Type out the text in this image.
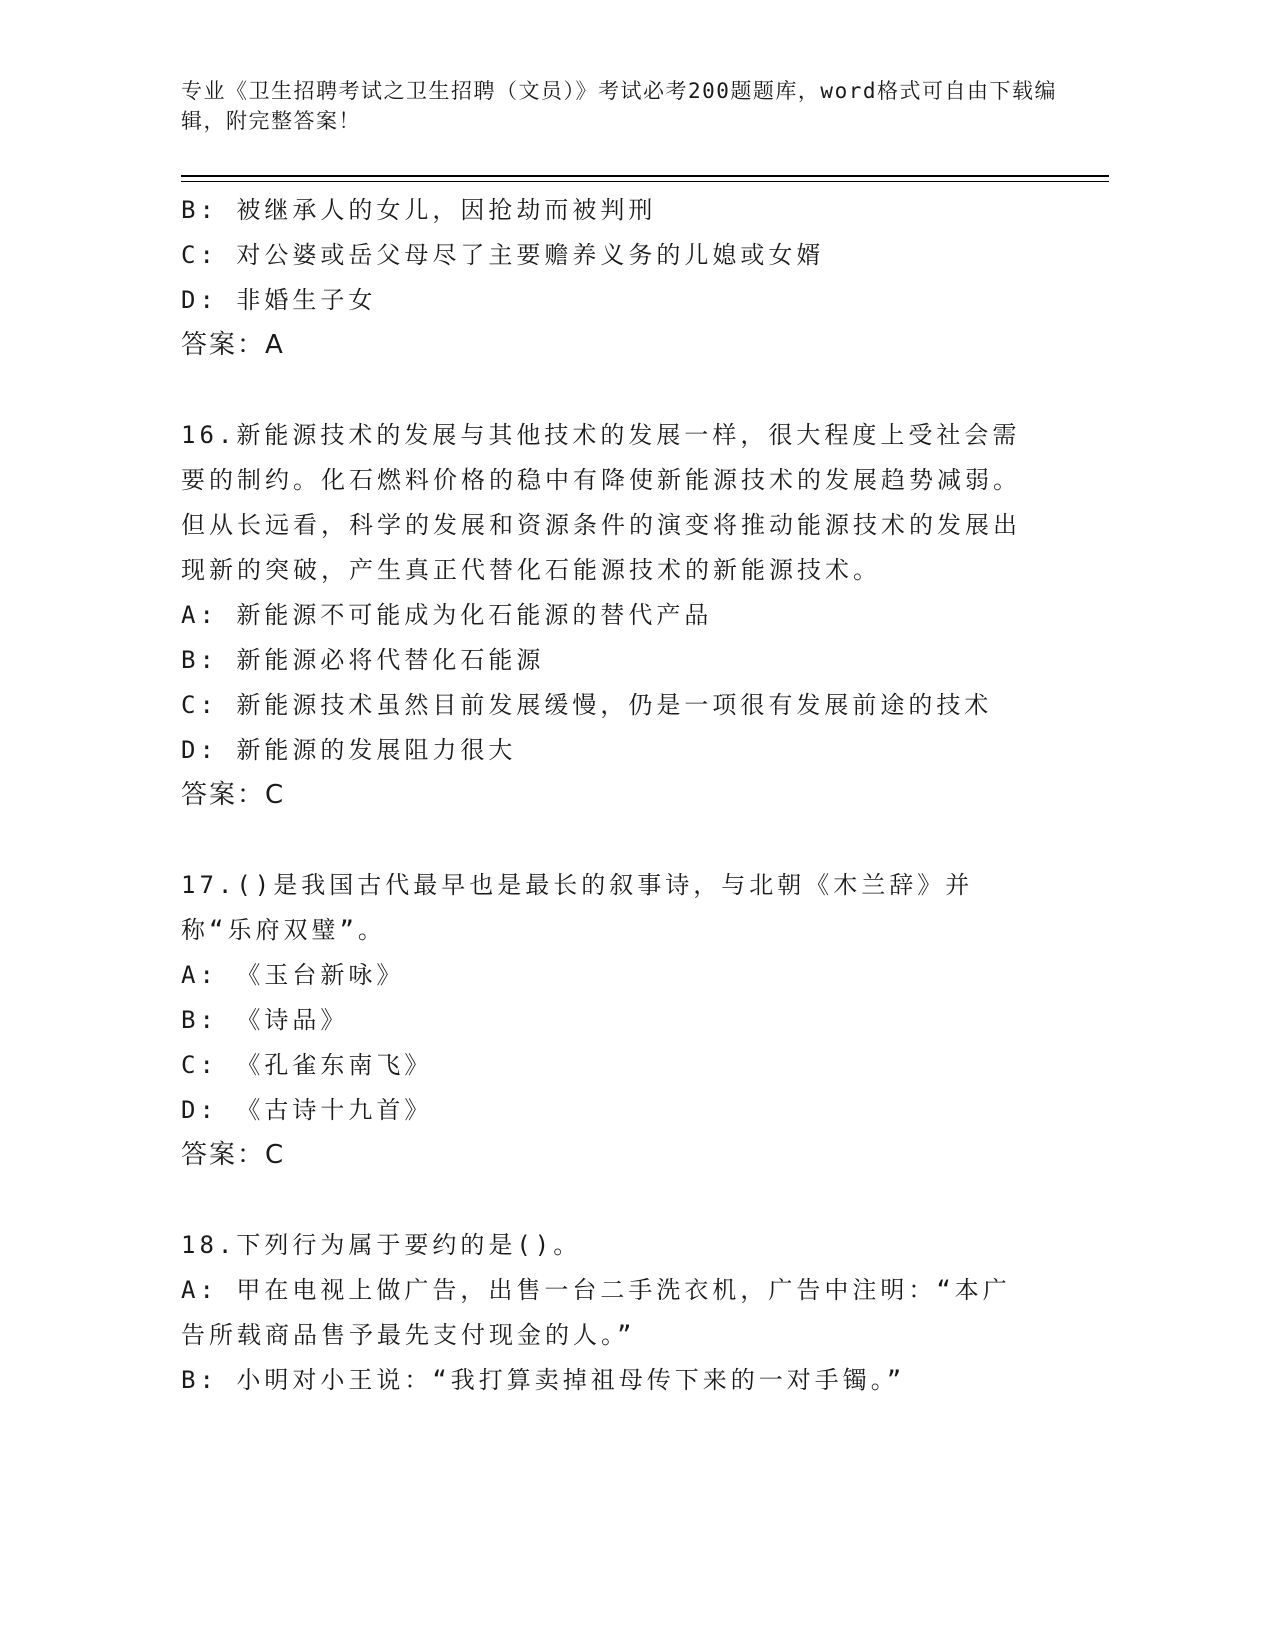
专业《卫生招聘考试之卫生招聘（文员）》考试必考200题题库，word格式可自由下载编辑，附完整答案！
B: 被继承人的女儿，因抢劫而被判刑
C: 对公婆或岳父母尽了主要赡养义务的儿媳或女婿
D: 非婚生子女
答案：A
16.新能源技术的发展与其他技术的发展一样，很大程度上受社会需要的制约。化石燃料价格的稳中有降使新能源技术的发展趋势减弱。但从长远看，科学的发展和资源条件的演变将推动能源技术的发展出现新的突破，产生真正代替化石能源技术的新能源技术。
A: 新能源不可能成为化石能源的替代产品
B: 新能源必将代替化石能源
C: 新能源技术虽然目前发展缓慢，仍是一项很有发展前途的技术
D: 新能源的发展阻力很大
答案：C
17.()是我国古代最早也是最长的叙事诗，与北朝《木兰辞》并称“乐府双璧”。
A: 《玉台新咏》
B: 《诗品》
C: 《孔雀东南飞》
D: 《古诗十九首》
答案：C
18.下列行为属于要约的是()。
A: 甲在电视上做广告，出售一台二手洗衣机，广告中注明：“本广告所载商品售予最先支付现金的人。”
B: 小明对小王说：“我打算卖掉祖母传下来的一对手镯。”
